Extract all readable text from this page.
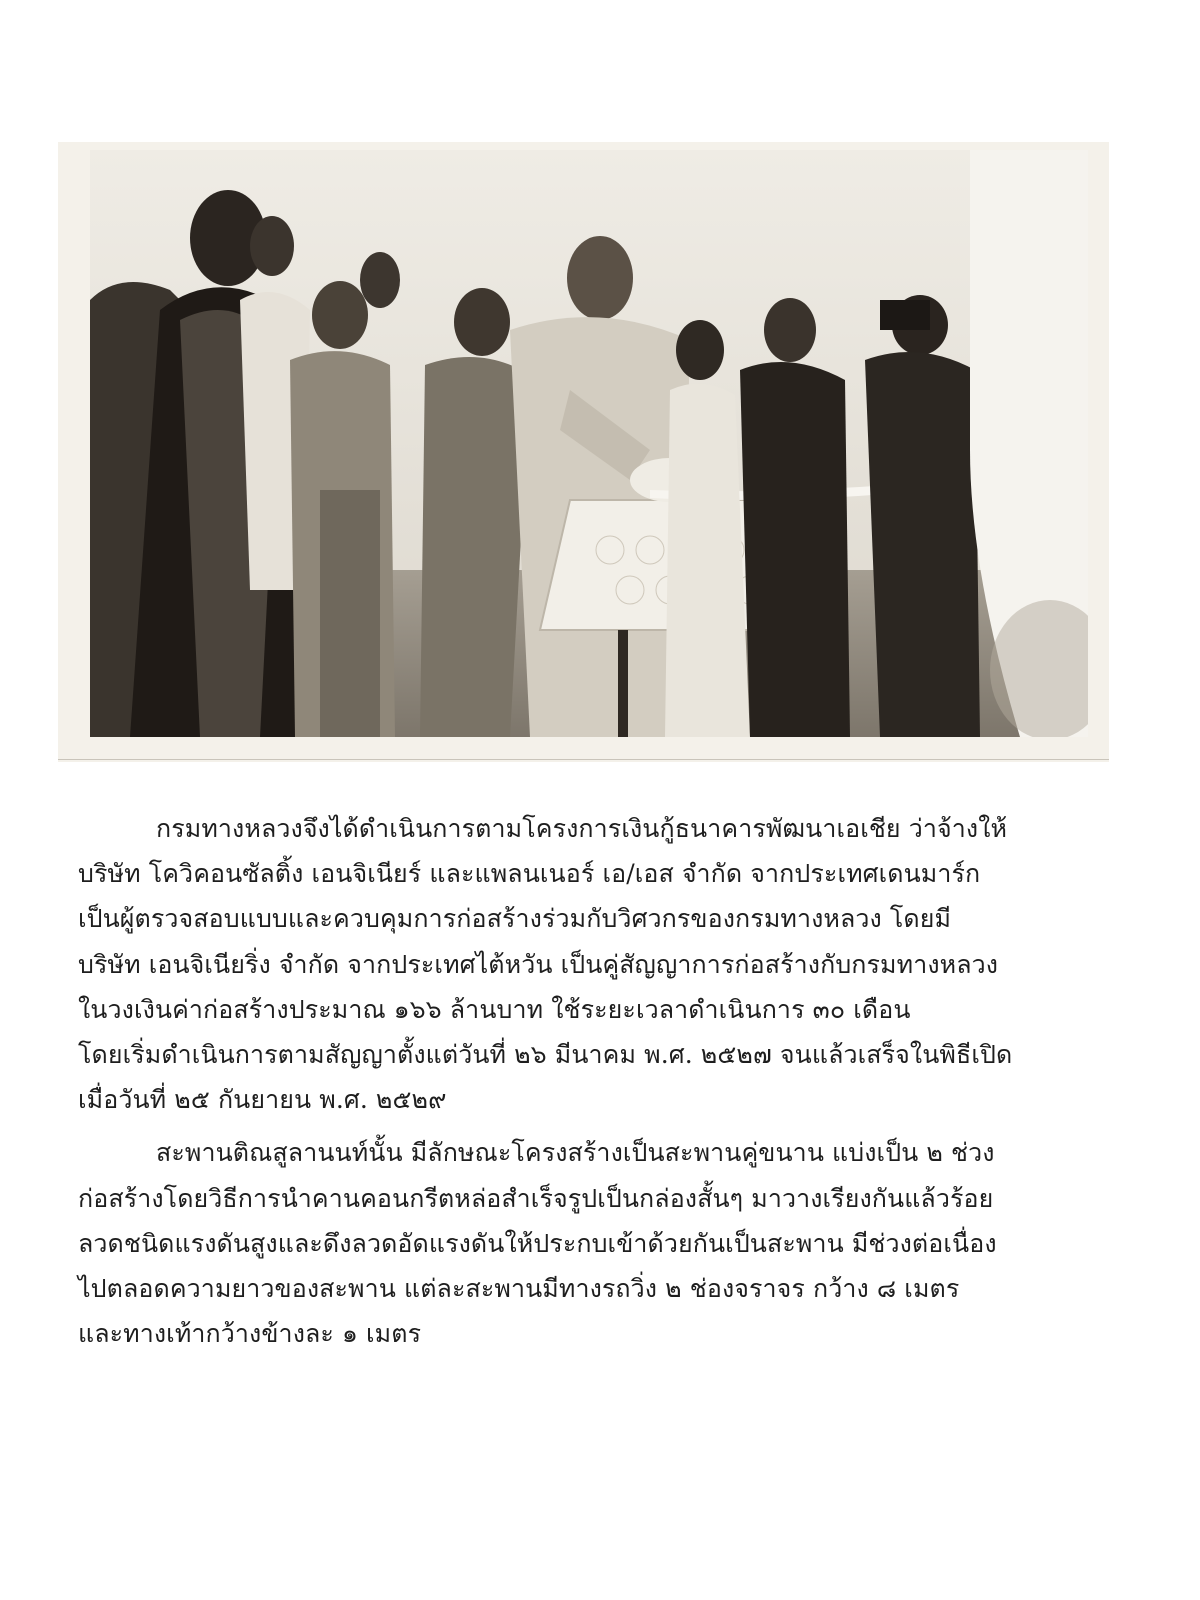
กรมทางหลวงจึงได้ดำเนินการตามโครงการเงินกู้ธนาคารพัฒนาเอเชีย ว่าจ้างให้
บริษัท โควิคอนซัลติ้ง เอนจิเนียร์ และแพลนเนอร์ เอ/เอส จำกัด จากประเทศเดนมาร์ก
เป็นผู้ตรวจสอบแบบและควบคุมการก่อสร้างร่วมกับวิศวกรของกรมทางหลวง โดยมี
บริษัท เอนจิเนียริ่ง จำกัด จากประเทศไต้หวัน เป็นคู่สัญญาการก่อสร้างกับกรมทางหลวง
ในวงเงินค่าก่อสร้างประมาณ ๑๖๖ ล้านบาท ใช้ระยะเวลาดำเนินการ ๓๐ เดือน
โดยเริ่มดำเนินการตามสัญญาตั้งแต่วันที่ ๒๖ มีนาคม พ.ศ. ๒๕๒๗ จนแล้วเสร็จในพิธีเปิด
เมื่อวันที่ ๒๕ กันยายน พ.ศ. ๒๕๒๙

สะพานติณสูลานนท์นั้น มีลักษณะโครงสร้างเป็นสะพานคู่ขนาน แบ่งเป็น ๒ ช่วง
ก่อสร้างโดยวิธีการนำคานคอนกรีตหล่อสำเร็จรูปเป็นกล่องสั้นๆ มาวางเรียงกันแล้วร้อย
ลวดชนิดแรงดันสูงและดึงลวดอัดแรงดันให้ประกบเข้าด้วยกันเป็นสะพาน มีช่วงต่อเนื่อง
ไปตลอดความยาวของสะพาน แต่ละสะพานมีทางรถวิ่ง ๒ ช่องจราจร กว้าง ๘ เมตร
และทางเท้ากว้างข้างละ ๑ เมตร
